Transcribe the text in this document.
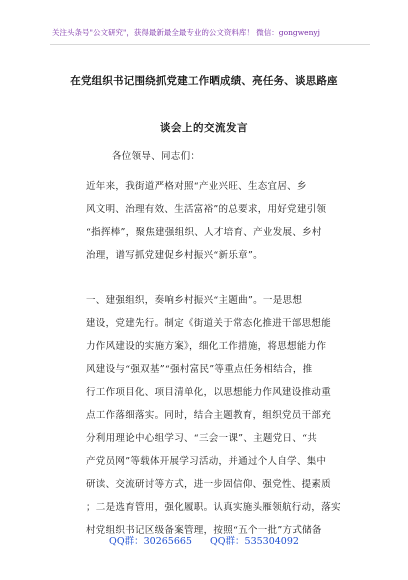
关注头条号"公文研究"，获得最新最全最专业的公文资料库！ 微信：gongwenyj
在党组织书记围绕抓党建工作晒成绩、亮任务、谈思路座
谈会上的交流发言
各位领导、同志们：
近年来，我街道严格对照“产业兴旺、生态宜居、乡
风文明、治理有效、生活富裕”的总要求，用好党建引领
“指挥棒”，聚焦建强组织、人才培育、产业发展、乡村
治理，谱写抓党建促乡村振兴“新乐章”。
一、建强组织，奏响乡村振兴“主题曲”。一是思想
建设，党建先行。制定《街道关于常态化推进干部思想能
力作风建设的实施方案》，细化工作措施，将思想能力作
风建设与“强双基”“强村富民”等重点任务相结合，推
行工作项目化、项目清单化，以思想能力作风建设推动重
点工作落细落实。同时，结合主题教育，组织党员干部充
分利用理论中心组学习、“三会一课”、主题党日、“共
产党员网”等载体开展学习活动，并通过个人自学、集中
研读、交流研讨等方式，进一步固信仰、强党性、提素质
；二是选育管用，强化履职。认真实施头雁领航行动，落实
村党组织书记区级备案管理，按照“五个一批”方式储备
QQ群：30265665 QQ群：535304092
